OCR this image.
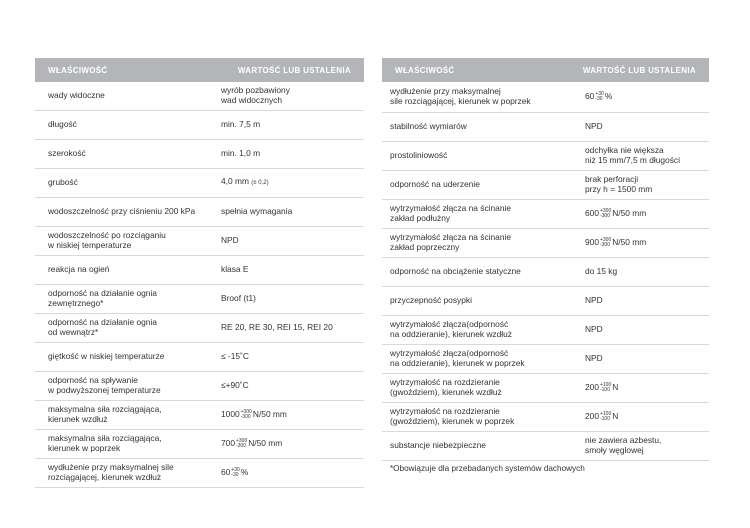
WŁAŚCIWOŚĆ	WARTOŚĆ LUB USTALENIA
wady widoczne	wyrób pozbawiony
wad widocznych
długość	min. 7,5 m
szerokość	min. 1,0 m
grubość	4,0 mm (± 0,2)
wodoszczelność przy ciśnieniu 200 kPa	spełnia wymagania
wodoszczelność po rozciąganiu
w niskiej temperaturze	NPD
reakcja na ogień	klasa E
odporność na działanie ognia
zewnętrznego*	Broof (t1)
odporność na działanie ognia
od wewnątrz*	RE 20, RE 30, REI 15, REI 20
giętkość w niskiej temperaturze	≤ -15˚C
odporność na spływanie
w podwyższonej temperaturze	≤+90˚C
maksymalna siła rozciągająca,
kierunek wzdłuż	1000 +300
-300 N/50 mm
maksymalna siła rozciągająca,
kierunek w poprzek	700 +300
-300 N/50 mm
wydłużenie przy maksymalnej sile
rozciągającej, kierunek wzdłuż	60 +30
-30 %
WŁAŚCIWOŚĆ	WARTOŚĆ LUB USTALENIA
wydłużenie przy maksymalnej
sile rozciągającej, kierunek w poprzek	60 +30
-30 %
stabilność wymiarów	NPD
prostoliniowość	odchyłka nie większa
niż 15 mm/7,5 m długości
odporność na uderzenie	brak perforacji
przy h = 1500 mm
wytrzymałość złącza na ścinanie
zakład podłużny	600 +300
-300 N/50 mm
wytrzymałość złącza na ścinanie
zakład poprzeczny	900 +300
-300 N/50 mm
odporność na obciążenie statyczne	do 15 kg
przyczepność posypki	NPD
wytrzymałość złącza(odporność
na oddzieranie), kierunek wzdłuż	NPD
wytrzymałość złącza(odporność
na oddzieranie), kierunek w poprzek	NPD
wytrzymałość na rozdzieranie
(gwoździem), kierunek wzdłuż	200 +100
-100 N
wytrzymałość na rozdzieranie
(gwoździem), kierunek w poprzek	200 +100
-100 N
substancje niebezpieczne	nie zawiera azbestu,
smoły węglowej
*Obowiązuje dla przebadanych systemów dachowych
